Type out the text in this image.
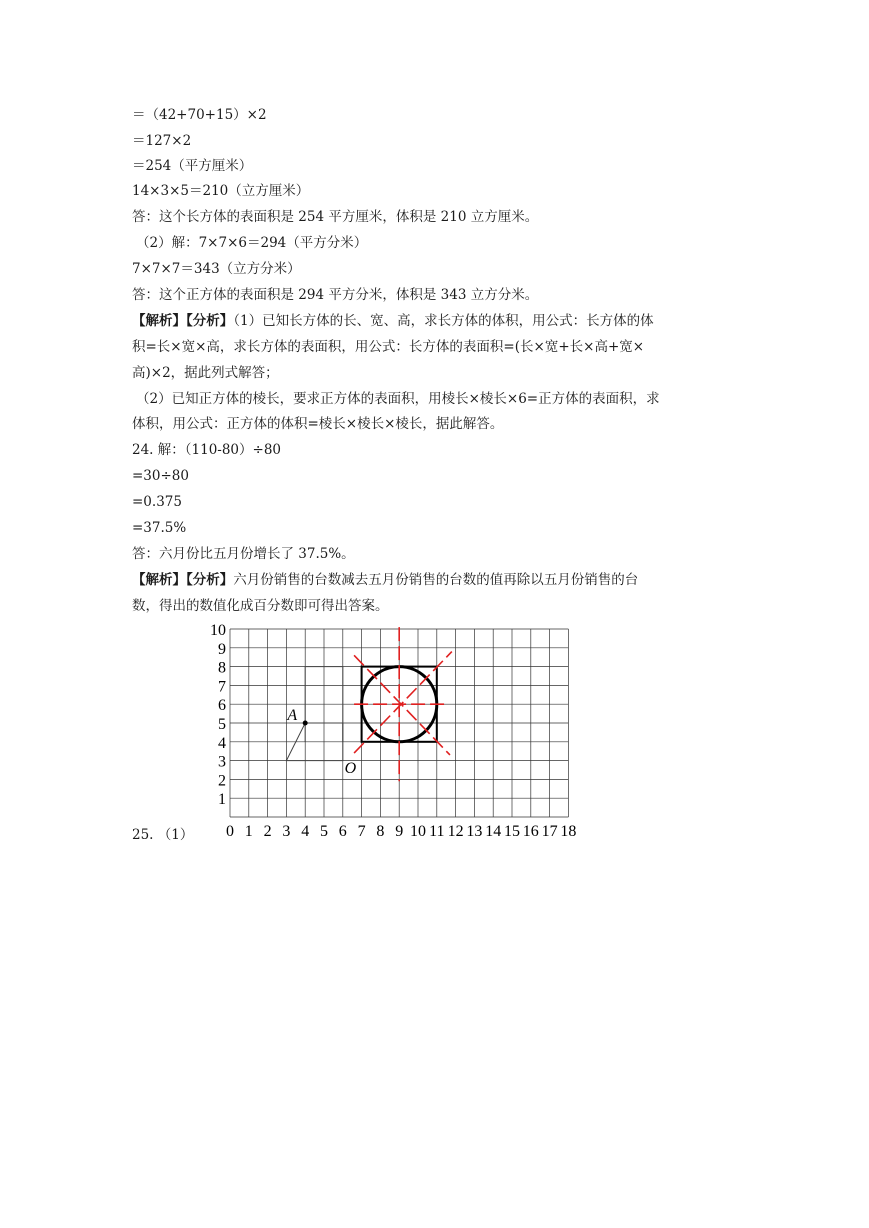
＝（42+70+15）×2
＝127×2
＝254（平方厘米）
14×3×5＝210（立方厘米）
答：这个长方体的表面积是 254 平方厘米，体积是 210 立方厘米。
（2）解：7×7×6＝294（平方分米）
7×7×7＝343（立方分米）
答：这个正方体的表面积是 294 平方分米，体积是 343 立方分米。
【解析】【分析】（1）已知长方体的长、宽、高，求长方体的体积，用公式：长方体的体
积=长×宽×高，求长方体的表面积，用公式：长方体的表面积=(长×宽+长×高+宽×
高)×2，据此列式解答；
（2）已知正方体的棱长，要求正方体的表面积，用棱长×棱长×6=正方体的表面积，求
体积，用公式：正方体的体积=棱长×棱长×棱长，据此解答。
24. 解：（110-80）÷80
=30÷80
=0.375
=37.5%
答：六月份比五月份增长了 37.5%。
【解析】【分析】六月份销售的台数减去五月份销售的台数的值再除以五月份销售的台
数，得出的数值化成百分数即可得出答案。
25. （1） 0 1 2 3 4 5 6 7 8 9 10 11 12 13 14 15 16 17 18
1
2
3
4
5
6
7
8
9
10
A
O
